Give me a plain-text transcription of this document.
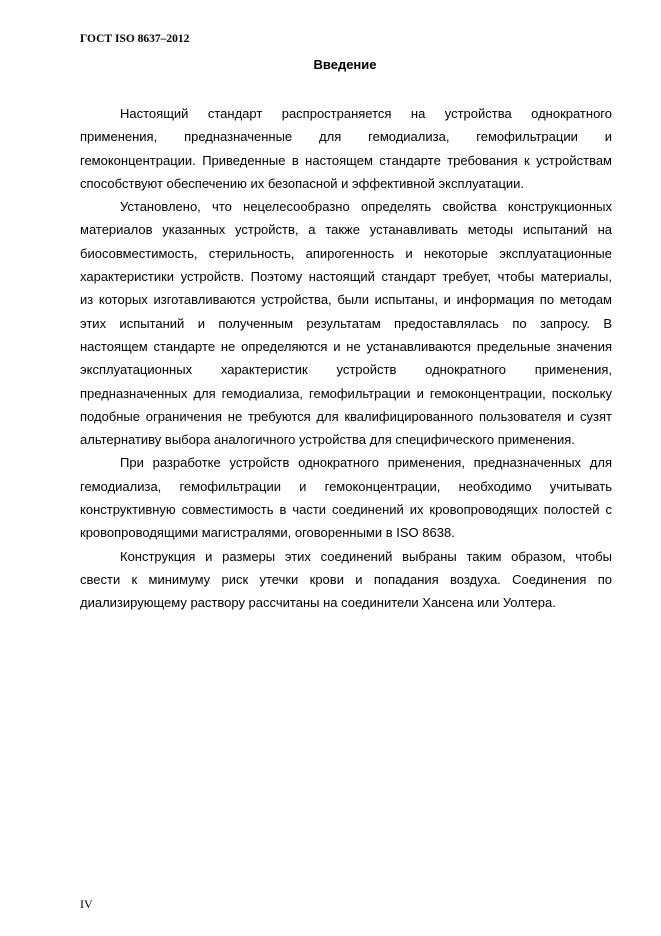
ГОСТ ISO 8637–2012
Введение
Настоящий стандарт распространяется на устройства однократного
применения, предназначенные для гемодиализа, гемофильтрации и
гемоконцентрации. Приведенные в настоящем стандарте требования к устройствам
способствуют обеспечению их безопасной и эффективной эксплуатации.
Установлено, что нецелесообразно определять свойства конструкционных
материалов указанных устройств, а также устанавливать методы испытаний на
биосовместимость, стерильность, апирогенность и некоторые эксплуатационные
характеристики устройств. Поэтому настоящий стандарт требует, чтобы материалы,
из которых изготавливаются устройства, были испытаны, и информация по методам
этих испытаний и полученным результатам предоставлялась по запросу. В
настоящем стандарте не определяются и не устанавливаются предельные значения
эксплуатационных характеристик устройств однократного применения,
предназначенных для гемодиализа, гемофильтрации и гемоконцентрации, поскольку
подобные ограничения не требуются для квалифицированного пользователя и сузят
альтернативу выбора аналогичного устройства для специфического применения.
При разработке устройств однократного применения, предназначенных для
гемодиализа, гемофильтрации и гемоконцентрации, необходимо учитывать
конструктивную совместимость в части соединений их кровопроводящих полостей с
кровопроводящими магистралями, оговоренными в ISO 8638.
Конструкция и размеры этих соединений выбраны таким образом, чтобы
свести к минимуму риск утечки крови и попадания воздуха. Соединения по
диализирующему раствору рассчитаны на соединители Хансена или Уолтера.
IV
